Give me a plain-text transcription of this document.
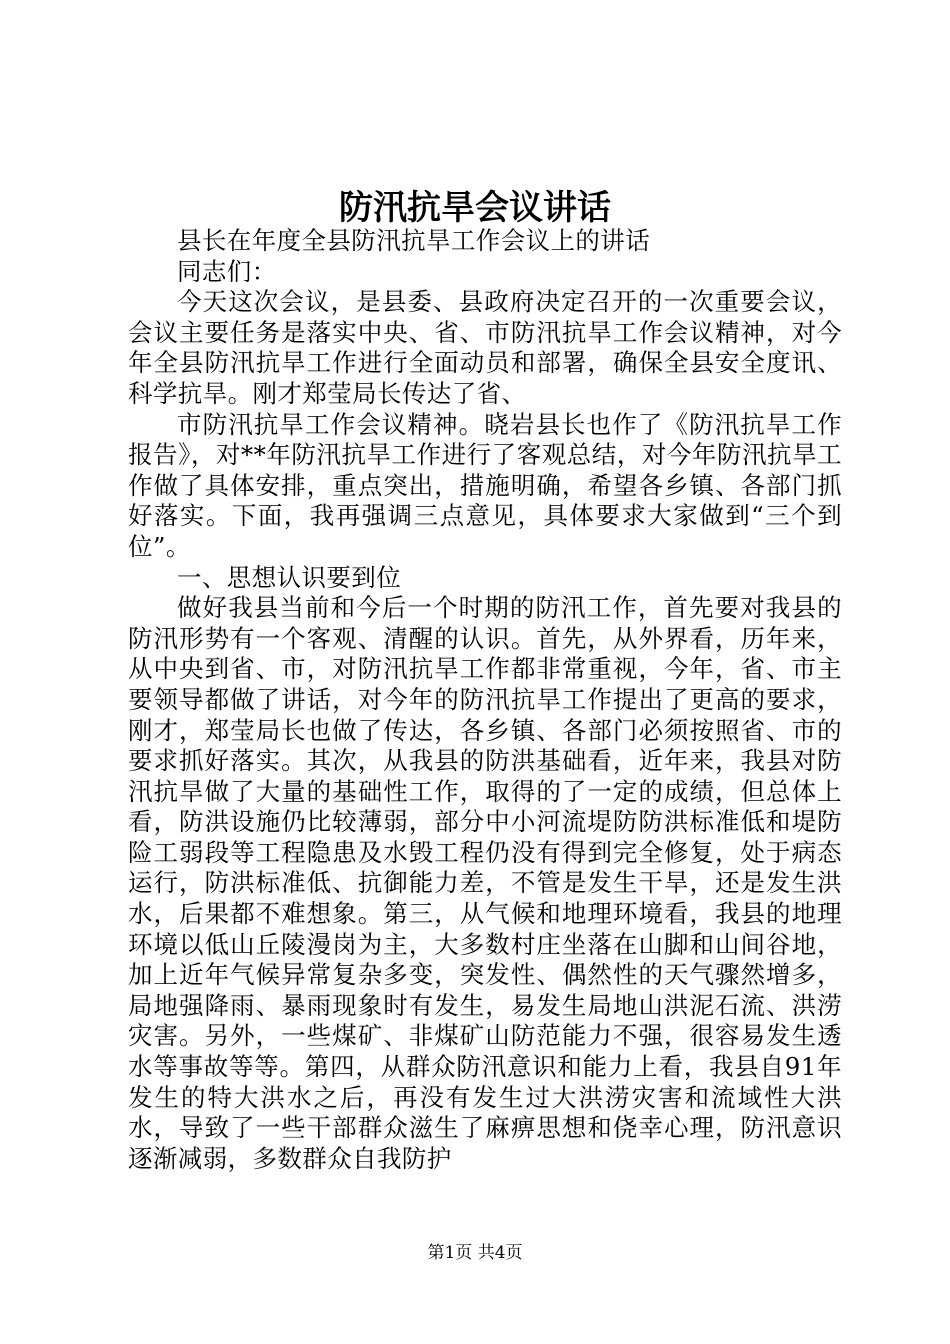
防汛抗旱会议讲话

县长在年度全县防汛抗旱工作会议上的讲话

同志们：

今天这次会议，是县委、县政府决定召开的一次重要会议，会议主要任务是落实中央、省、市防汛抗旱工作会议精神，对今年全县防汛抗旱工作进行全面动员和部署，确保全县安全度讯、科学抗旱。刚才郑莹局长传达了省、

市防汛抗旱工作会议精神。晓岩县长也作了《防汛抗旱工作报告》，对**年防汛抗旱工作进行了客观总结，对今年防汛抗旱工作做了具体安排，重点突出，措施明确，希望各乡镇、各部门抓好落实。下面，我再强调三点意见，具体要求大家做到“三个到位”。

一、思想认识要到位

做好我县当前和今后一个时期的防汛工作，首先要对我县的防汛形势有一个客观、清醒的认识。首先，从外界看，历年来，从中央到省、市，对防汛抗旱工作都非常重视，今年，省、市主要领导都做了讲话，对今年的防汛抗旱工作提出了更高的要求，刚才，郑莹局长也做了传达，各乡镇、各部门必须按照省、市的要求抓好落实。其次，从我县的防洪基础看，近年来，我县对防汛抗旱做了大量的基础性工作，取得的了一定的成绩，但总体上看，防洪设施仍比较薄弱，部分中小河流堤防防洪标准低和堤防险工弱段等工程隐患及水毁工程仍没有得到完全修复，处于病态运行，防洪标准低、抗御能力差，不管是发生干旱，还是发生洪水，后果都不难想象。第三，从气候和地理环境看，我县的地理环境以低山丘陵漫岗为主，大多数村庄坐落在山脚和山间谷地，加上近年气候异常复杂多变，突发性、偶然性的天气骤然增多，局地强降雨、暴雨现象时有发生，易发生局地山洪泥石流、洪涝灾害。另外，一些煤矿、非煤矿山防范能力不强，很容易发生透水等事故等等。第四，从群众防汛意识和能力上看，我县自91年发生的特大洪水之后，再没有发生过大洪涝灾害和流域性大洪水，导致了一些干部群众滋生了麻痹思想和侥幸心理，防汛意识逐渐减弱，多数群众自我防护

第1页 共4页
